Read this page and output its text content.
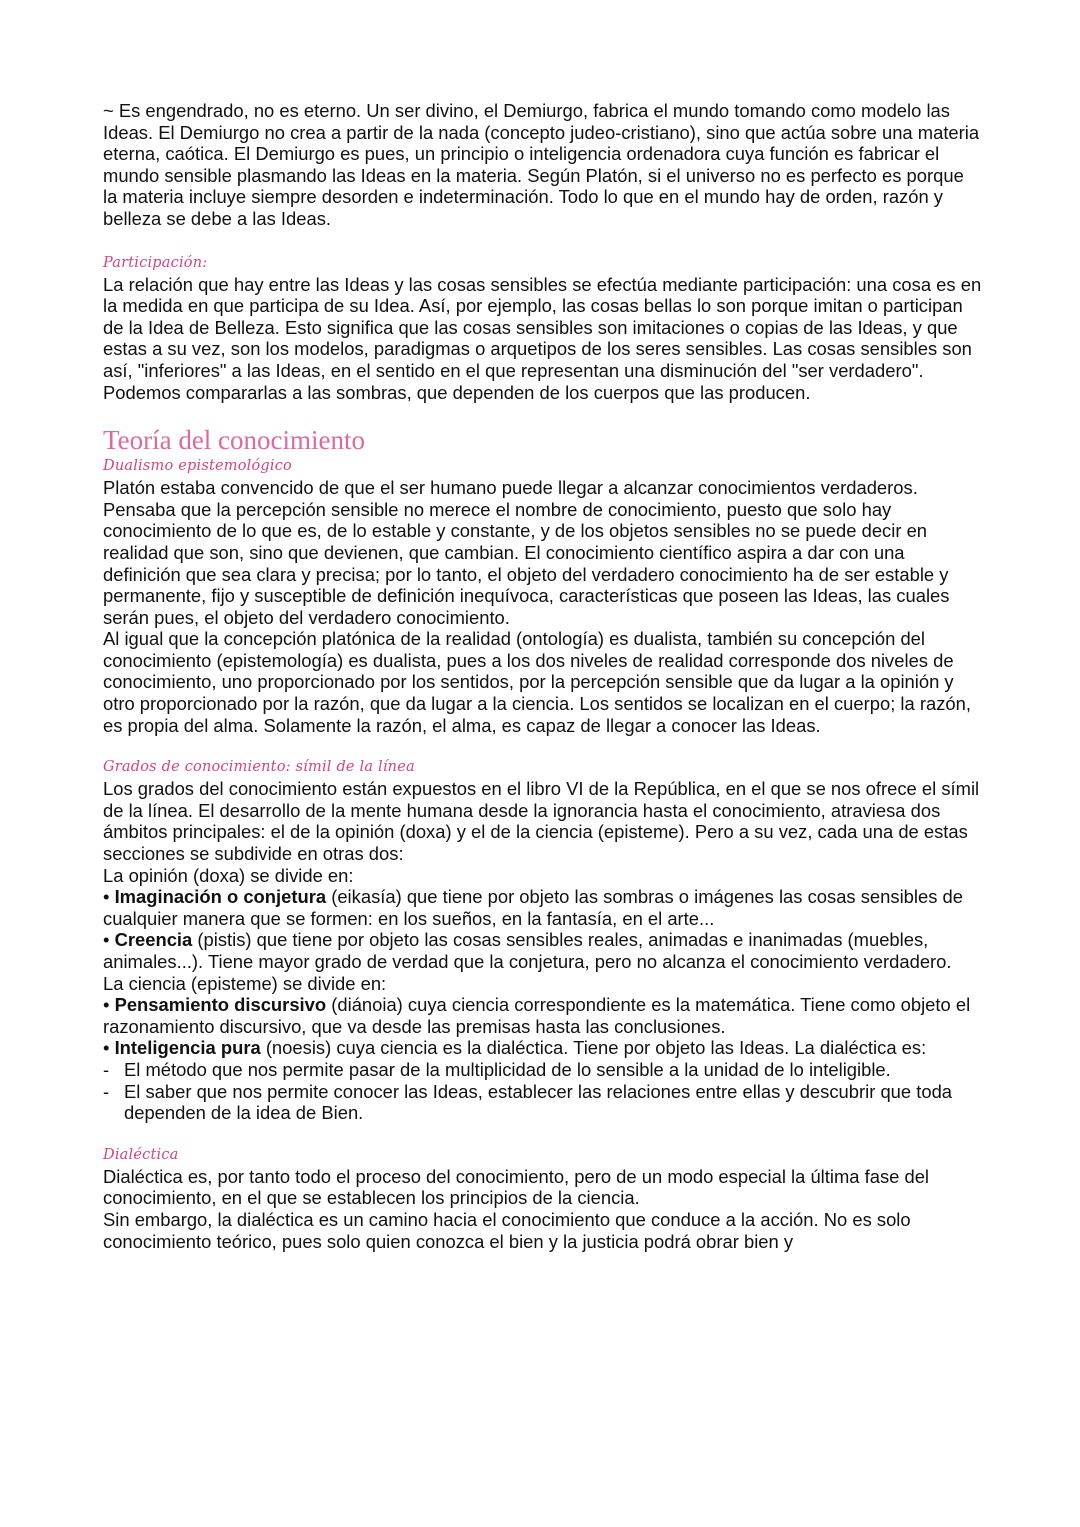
~ Es engendrado, no es eterno. Un ser divino, el Demiurgo, fabrica el mundo tomando como modelo las Ideas. El Demiurgo no crea a partir de la nada (concepto judeo-cristiano), sino que actúa sobre una materia eterna, caótica. El Demiurgo es pues, un principio o inteligencia ordenadora cuya función es fabricar el mundo sensible plasmando las Ideas en la materia. Según Platón, si el universo no es perfecto es porque la materia incluye siempre desorden e indeterminación. Todo lo que en el mundo hay de orden, razón y belleza se debe a las Ideas.

Participación:

La relación que hay entre las Ideas y las cosas sensibles se efectúa mediante participación: una cosa es en la medida en que participa de su Idea. Así, por ejemplo, las cosas bellas lo son porque imitan o participan de la Idea de Belleza. Esto significa que las cosas sensibles son imitaciones o copias de las Ideas, y que estas a su vez, son los modelos, paradigmas o arquetipos de los seres sensibles. Las cosas sensibles son así, "inferiores" a las Ideas, en el sentido en el que representan una disminución del "ser verdadero". Podemos compararlas a las sombras, que dependen de los cuerpos que las producen.

Teoría del conocimiento

Dualismo epistemológico

Platón estaba convencido de que el ser humano puede llegar a alcanzar conocimientos verdaderos. Pensaba que la percepción sensible no merece el nombre de conocimiento, puesto que solo hay conocimiento de lo que es, de lo estable y constante, y de los objetos sensibles no se puede decir en realidad que son, sino que devienen, que cambian. El conocimiento científico aspira a dar con una definición que sea clara y precisa; por lo tanto, el objeto del verdadero conocimiento ha de ser estable y permanente, fijo y susceptible de definición inequívoca, características que poseen las Ideas, las cuales serán pues, el objeto del verdadero conocimiento.

Al igual que la concepción platónica de la realidad (ontología) es dualista, también su concepción del conocimiento (epistemología) es dualista, pues a los dos niveles de realidad corresponde dos niveles de conocimiento, uno proporcionado por los sentidos, por la percepción sensible que da lugar a la opinión y otro proporcionado por la razón, que da lugar a la ciencia. Los sentidos se localizan en el cuerpo; la razón, es propia del alma. Solamente la razón, el alma, es capaz de llegar a conocer las Ideas.

Grados de conocimiento: símil de la línea

Los grados del conocimiento están expuestos en el libro VI de la República, en el que se nos ofrece el símil de la línea. El desarrollo de la mente humana desde la ignorancia hasta el conocimiento, atraviesa dos ámbitos principales: el de la opinión (doxa) y el de la ciencia (episteme). Pero a su vez, cada una de estas secciones se subdivide en otras dos:

La opinión (doxa) se divide en:

• Imaginación o conjetura (eikasía) que tiene por objeto las sombras o imágenes las cosas sensibles de cualquier manera que se formen: en los sueños, en la fantasía, en el arte...

• Creencia (pistis) que tiene por objeto las cosas sensibles reales, animadas e inanimadas (muebles, animales...). Tiene mayor grado de verdad que la conjetura, pero no alcanza el conocimiento verdadero.

La ciencia (episteme) se divide en:

• Pensamiento discursivo (diánoia) cuya ciencia correspondiente es la matemática. Tiene como objeto el razonamiento discursivo, que va desde las premisas hasta las conclusiones.

• Inteligencia pura (noesis) cuya ciencia es la dialéctica. Tiene por objeto las Ideas. La dialéctica es:

- El método que nos permite pasar de la multiplicidad de lo sensible a la unidad de lo inteligible.

- El saber que nos permite conocer las Ideas, establecer las relaciones entre ellas y descubrir que toda dependen de la idea de Bien.

Dialéctica

Dialéctica es, por tanto todo el proceso del conocimiento, pero de un modo especial la última fase del conocimiento, en el que se establecen los principios de la ciencia.

Sin embargo, la dialéctica es un camino hacia el conocimiento que conduce a la acción. No es solo conocimiento teórico, pues solo quien conozca el bien y la justicia podrá obrar bien y
